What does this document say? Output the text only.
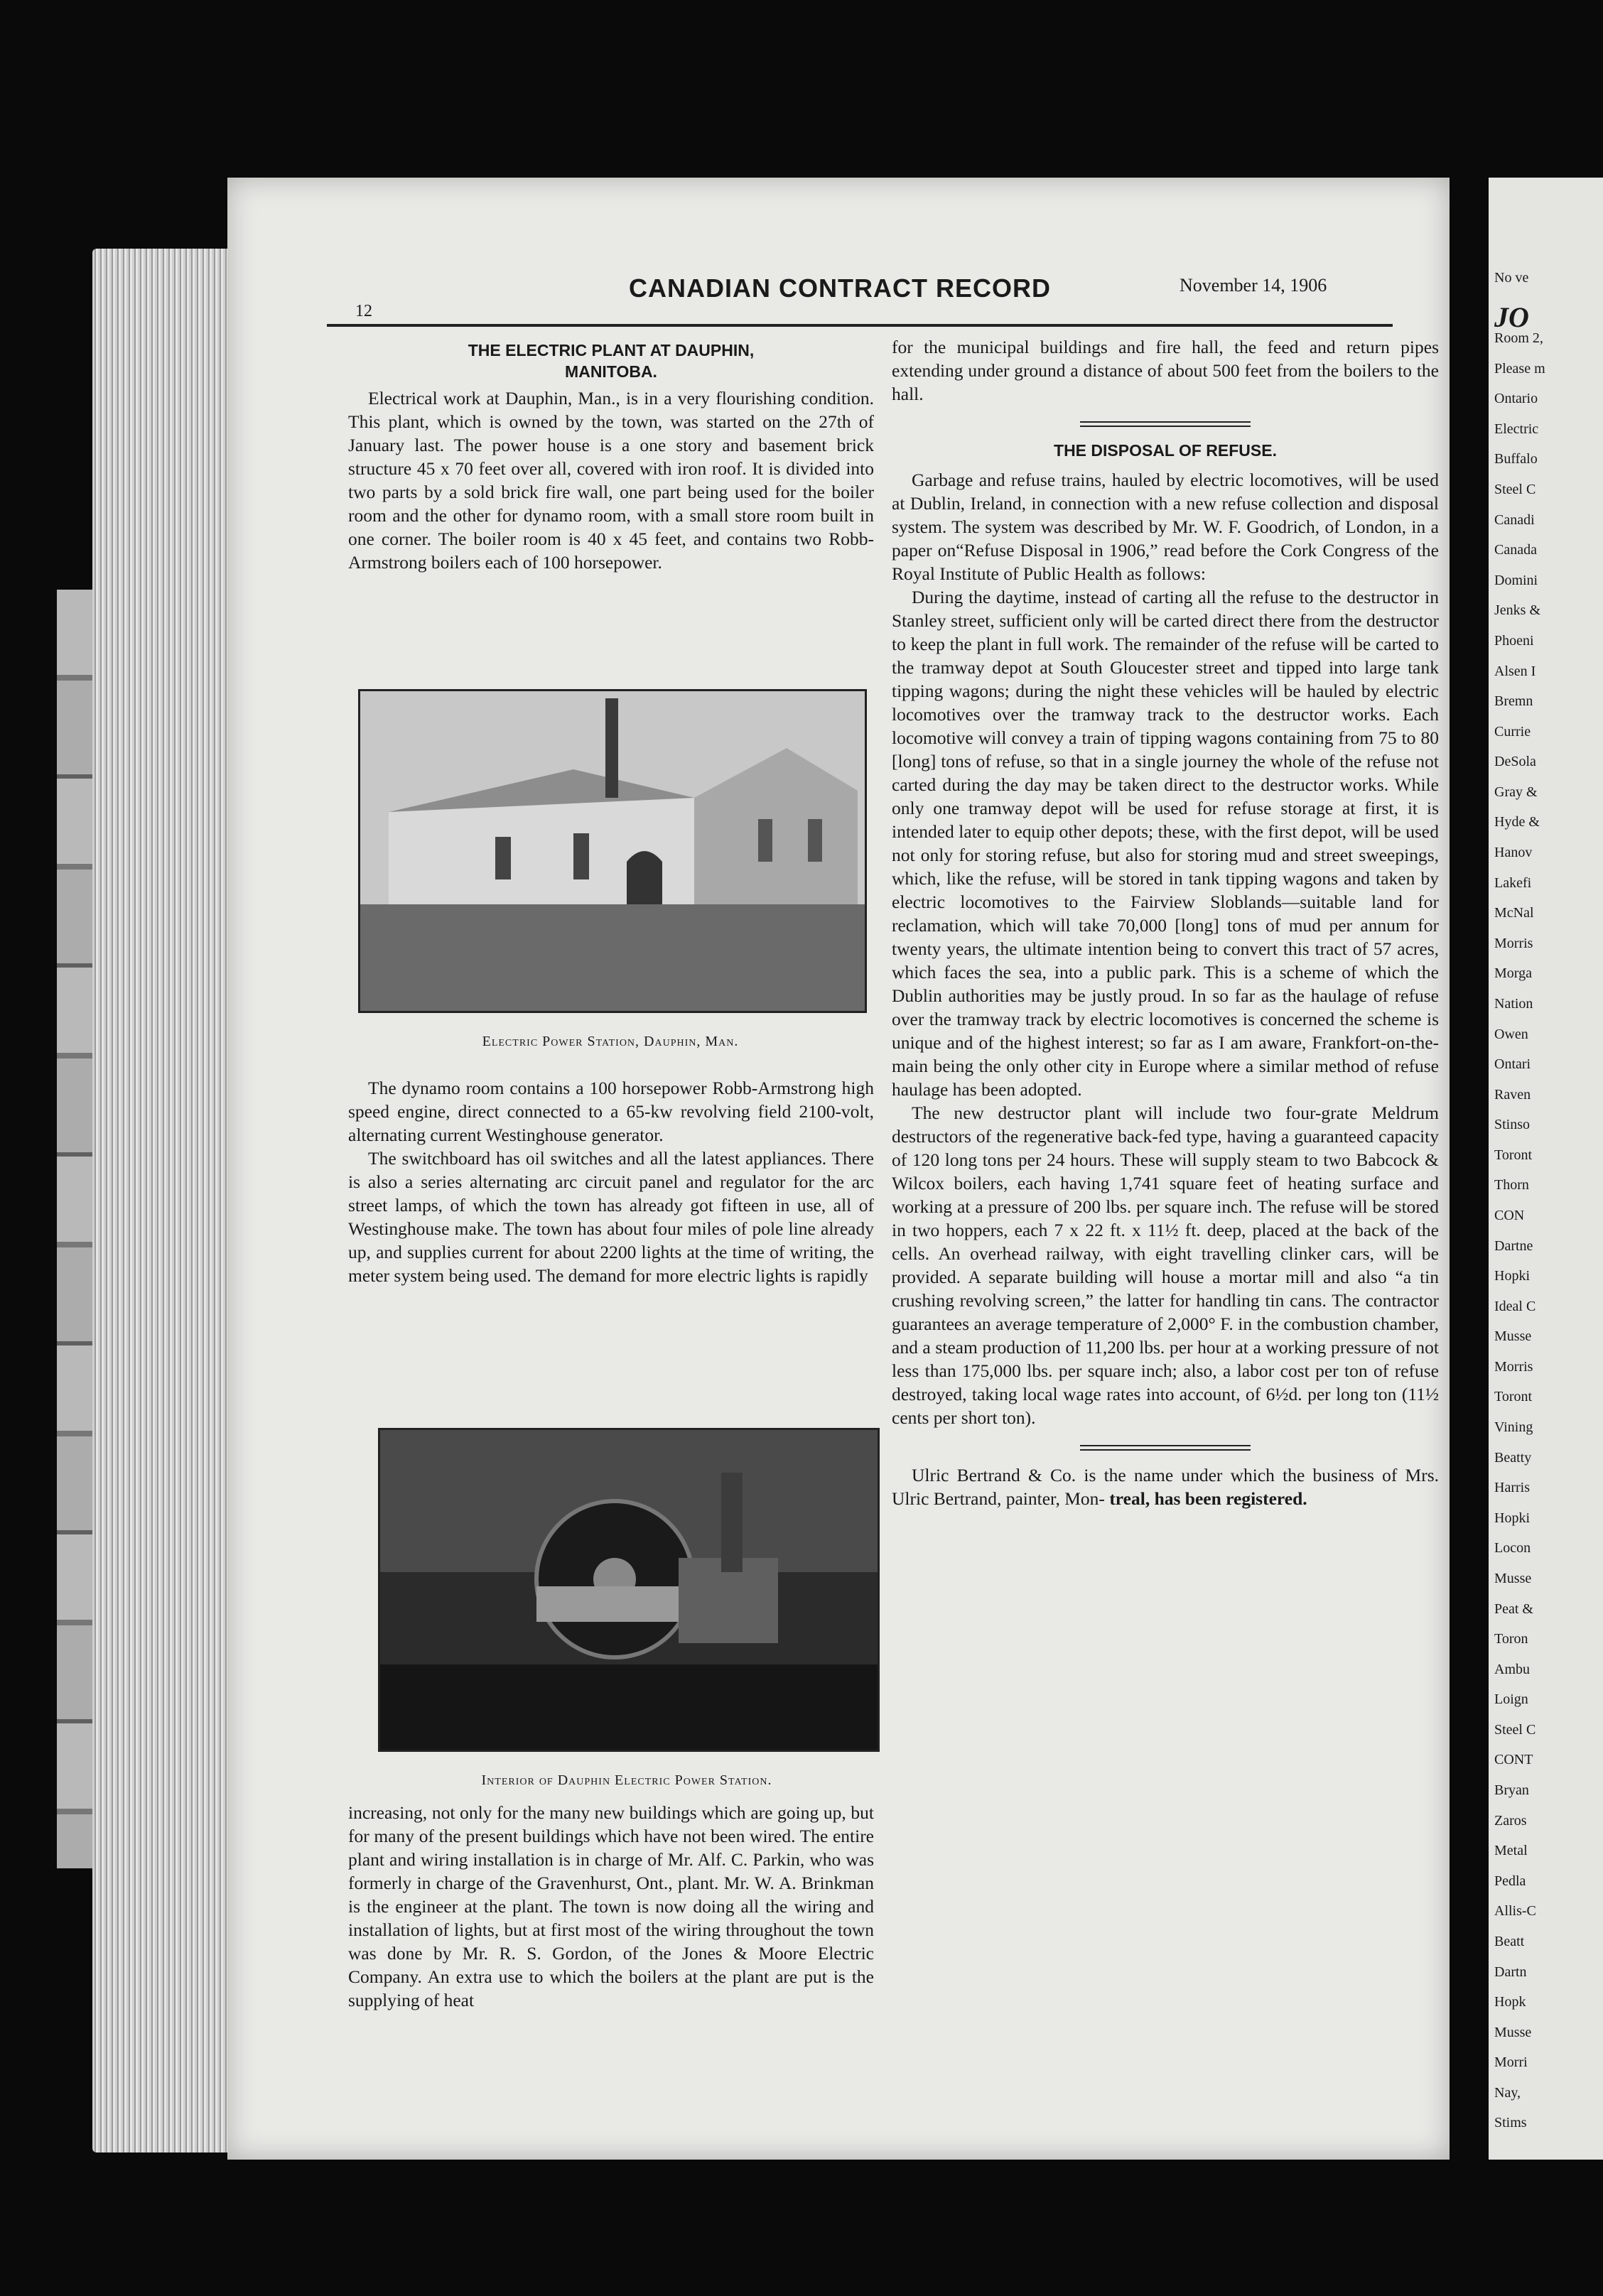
12
CANADIAN CONTRACT RECORD	November 14, 1906

THE ELECTRIC PLANT AT DAUPHIN,

MANITOBA.

Electrical work at Dauphin, Man., is in a very flourishing condition. This plant, which is owned by the town, was started on the 27th of January last. The power house is a one story and basement brick structure 45 x 70 feet over all, covered with iron roof. It is divided into two parts by a sold brick fire wall, one part being used for the boiler room and the other for dynamo room, with a small store room built in one corner. The boiler room is 40 x 45 feet, and contains two Robb-Armstrong boilers each of 100 horsepower.

Electric Power Station, Dauphin, Man.

The dynamo room contains a 100 horsepower Robb-Armstrong high speed engine, direct connected to a 65-kw revolving field 2100-volt, alternating current Westinghouse generator.

The switchboard has oil switches and all the latest appliances. There is also a series alternating arc circuit panel and regulator for the arc street lamps, of which the town has already got fifteen in use, all of Westinghouse make. The town has about four miles of pole line already up, and supplies current for about 2200 lights at the time of writing, the meter system being used. The demand for more electric lights is rapidly

Interior of Dauphin Electric Power Station.

increasing, not only for the many new buildings which are going up, but for many of the present buildings which have not been wired. The entire plant and wiring installation is in charge of Mr. Alf. C. Parkin, who was formerly in charge of the Gravenhurst, Ont., plant. Mr. W. A. Brinkman is the engineer at the plant. The town is now doing all the wiring and installation of lights, but at first most of the wiring throughout the town was done by Mr. R. S. Gordon, of the Jones & Moore Electric Company. An extra use to which the boilers at the plant are put is the supplying of heat

for the municipal buildings and fire hall, the feed and return pipes extending under ground a distance of about 500 feet from the boilers to the hall.

THE DISPOSAL OF REFUSE.

Garbage and refuse trains, hauled by electric locomotives, will be used at Dublin, Ireland, in connection with a new refuse collection and disposal system. The system was described by Mr. W. F. Goodrich, of London, in a paper on“Refuse Disposal in 1906,” read before the Cork Congress of the Royal Institute of Public Health as follows:

During the daytime, instead of carting all the refuse to the destructor in Stanley street, sufficient only will be carted direct there from the destructor to keep the plant in full work. The remainder of the refuse will be carted to the tramway depot at South Gloucester street and tipped into large tank tipping wagons; during the night these vehicles will be hauled by electric locomotives over the tramway track to the destructor works. Each locomotive will convey a train of tipping wagons containing from 75 to 80 [long] tons of refuse, so that in a single journey the whole of the refuse not carted during the day may be taken direct to the destructor works. While only one tramway depot will be used for refuse storage at first, it is intended later to equip other depots; these, with the first depot, will be used not only for storing refuse, but also for storing mud and street sweepings, which, like the refuse, will be stored in tank tipping wagons and taken by electric locomotives to the Fairview Sloblands—suitable land for reclamation, which will take 70,000 [long] tons of mud per annum for twenty years, the ultimate intention being to convert this tract of 57 acres, which faces the sea, into a public park. This is a scheme of which the Dublin authorities may be justly proud. In so far as the haulage of refuse over the tramway track by electric locomotives is concerned the scheme is unique and of the highest interest; so far as I am aware, Frankfort-on-the-main being the only other city in Europe where a similar method of refuse haulage has been adopted.

The new destructor plant will include two four-grate Meldrum destructors of the regenerative back-fed type, having a guaranteed capacity of 120 long tons per 24 hours. These will supply steam to two Babcock & Wilcox boilers, each having 1,741 square feet of heating surface and working at a pressure of 200 lbs. per square inch. The refuse will be stored in two hoppers, each 7 x 22 ft. x 11½ ft. deep, placed at the back of the cells. An overhead railway, with eight travelling clinker cars, will be provided. A separate building will house a mortar mill and also “a tin crushing revolving screen,” the latter for handling tin cans. The contractor guarantees an average temperature of 2,000° F. in the combustion chamber, and a steam production of 11,200 lbs. per hour at a working pressure of not less than 175,000 lbs. per square inch; also, a labor cost per ton of refuse destroyed, taking local wage rates into account, of 6½d. per long ton (11½ cents per short ton).

Ulric Bertrand & Co. is the name under which the business of Mrs. Ulric Bertrand, painter, Mon- treal, has been registered.

No ve
JO
Room 2,
Please m
Ontario
Electric
Buffalo
Steel C
Canadi
Canada
Domini
Jenks &
Phoeni
Alsen I
Bremn
Currie
DeSola
Gray &
Hyde &
Hanov
Lakefi
McNal
Morris
Morga
Nation
Owen
Ontari
Raven
Stinso
Toront
Thorn
CON
Dartne
Hopki
Ideal C
Musse
Morris
Toront
Vining
Beatty
Harris
Hopki
Locon
Musse
Peat &
Toron
Ambu
Loign
Steel C
CONT
Bryan
Zaros
Metal
Pedla
Allis-C
Beatt
Dartn
Hopk
Musse
Morri
Nay,
Stims
